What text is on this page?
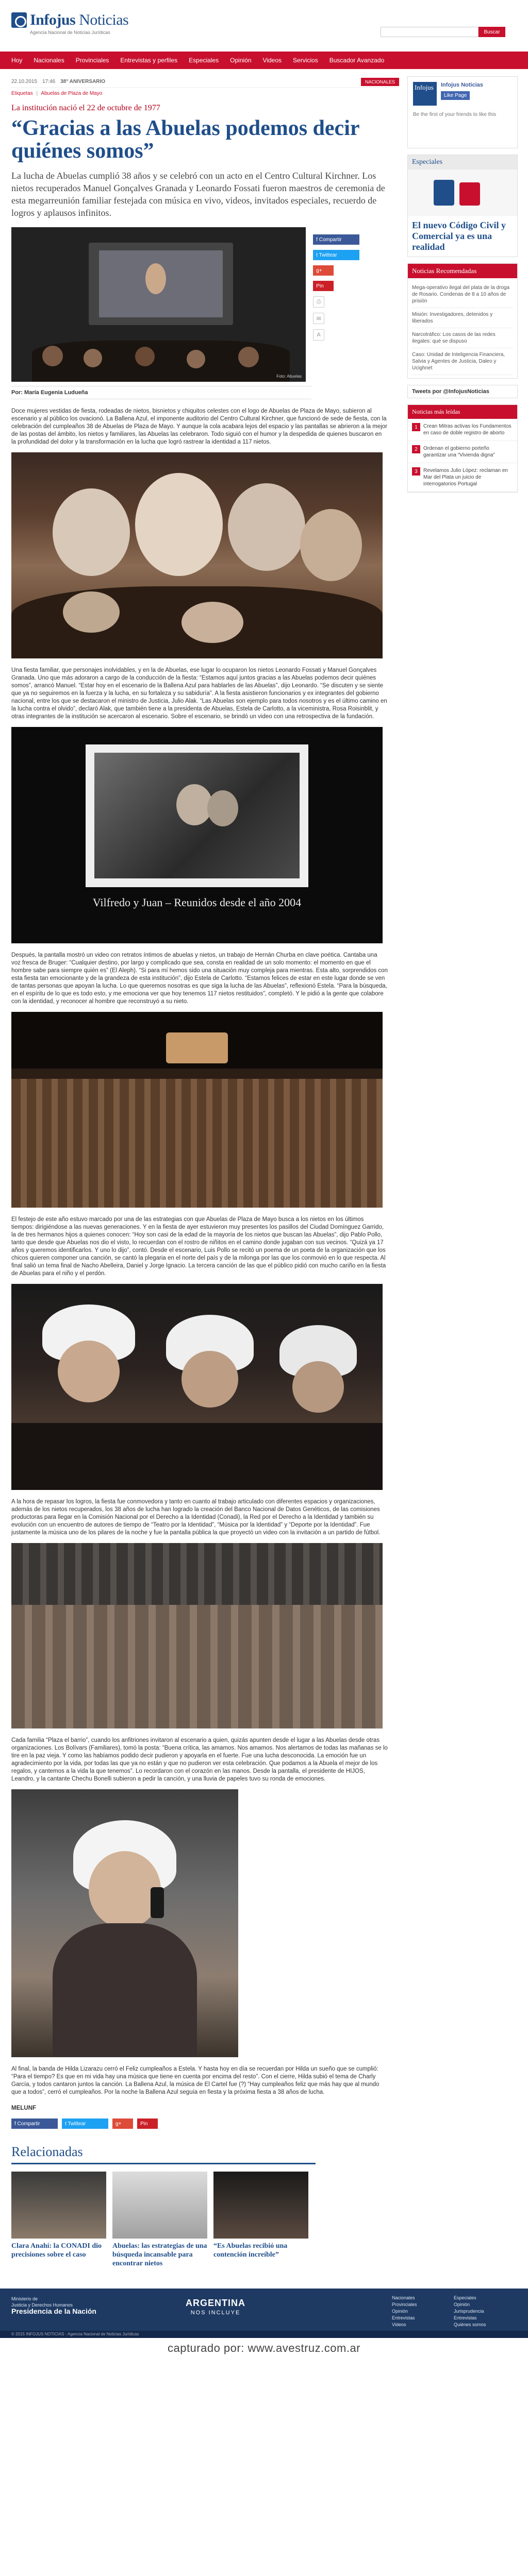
Infojus Noticias
Agencia Nacional de Noticias Jurídicas	Buscar
Hoy Nacionales Provinciales Entrevistas y perfiles Especiales Opinión Videos Servicios Buscador Avanzado
22.10.2015 17:46 38° ANIVERSARIO	NACIONALES
Etiquetas | Abuelas de Plaza de Mayo
La institución nació el 22 de octubre de 1977
“Gracias a las Abuelas podemos decir quiénes somos”

La lucha de Abuelas cumplió 38 años y se celebró con un acto en el Centro Cultural Kirchner. Los nietos recuperados Manuel Gonçalves Granada y Leonardo Fossati fueron maestros de ceremonia de esta megarreunión familiar festejada con música en vivo, videos, invitados especiales, recuerdo de logros y aplausos infinitos.

Foto: Abuelas
f Compartir
t Twittear
g+
Pin
⎙
✉
A
Por: María Eugenia Ludueña

Doce mujeres vestidas de fiesta, rodeadas de nietos, bisnietos y chiquitos celestes con el logo de Abuelas de Plaza de Mayo, subieron al escenario y al público los ovacionó. La Ballena Azul, el imponente auditorio del Centro Cultural Kirchner, que funcionó de sede de fiesta, con la celebración del cumpleaños 38 de Abuelas de Plaza de Mayo. Y aunque la cola acabara lejos del espacio y las pantallas se abrieron a la mejor de las postas del ámbito, los nietos y familiares, las Abuelas las celebraron. Todo siguió con el humor y la despedida de quienes buscaron en la profundidad del dolor y la transformación en la lucha que logró rastrear la identidad a 117 nietos.

Una fiesta familiar, que personajes inolvidables, y en la de Abuelas, ese lugar lo ocuparon los nietos Leonardo Fossati y Manuel Gonçalves Granada. Uno que más adoraron a cargo de la conducción de la fiesta: “Estamos aquí juntos gracias a las Abuelas podemos decir quiénes somos”, arrancó Manuel. “Estar hoy en el escenario de la Ballena Azul para hablarles de las Abuelas”, dijo Leonardo. “Se discuten y se siente que ya no seguiremos en la fuerza y la lucha, en su fortaleza y su sabiduría”. A la fiesta asistieron funcionarios y ex integrantes del gobierno nacional, entre los que se destacaron el ministro de Justicia, Julio Alak. “Las Abuelas son ejemplo para todos nosotros y es el último camino en la lucha contra el olvido”, declaró Alak, que también tiene a la presidenta de Abuelas, Estela de Carlotto, a la viceministra, Rosa Roisinblit, y otras integrantes de la institución se acercaron al escenario. Sobre el escenario, se brindó un video con una retrospectiva de la fundación.

Vilfredo y Juan – Reunidos desde el año 2004

Después, la pantalla mostró un video con retratos íntimos de abuelas y nietos, un trabajo de Hernán Churba en clave poética. Cantaba una voz fresca de Bruger: “Cualquier destino, por largo y complicado que sea, consta en realidad de un solo momento: el momento en que el hombre sabe para siempre quién es” (El Aleph). “Si para mí hemos sido una situación muy compleja para mientras. Esta alto, sorprendidos con esta fiesta tan emocionante y de la grandeza de esta institución”, dijo Estela de Carlotto. “Estamos felices de estar en este lugar donde se ven de tantas personas que apoyan la lucha. Lo que queremos nosotras es que siga la lucha de las Abuelas”, reflexionó Estela. “Para la búsqueda, en el espíritu de lo que es todo esto, y me emociona ver que hoy tenemos 117 nietos restituidos”, completó. Y le pidió a la gente que colabore con la identidad, y reconocer al hombre que reconstruyó a su nieto.

El festejo de este año estuvo marcado por una de las estrategias con que Abuelas de Plaza de Mayo busca a los nietos en los últimos tiempos: dirigiéndose a las nuevas generaciones. Y en la fiesta de ayer estuvieron muy presentes los pasillos del Ciudad Domínguez Garrido, la de tres hermanos hijos a quienes conocen: “Hoy son casi de la edad de la mayoría de los nietos que buscan las Abuelas”, dijo Pablo Pollo, tanto que desde que Abuelas nos dio el visto, lo recuerdan con el rostro de niñitos en el camino donde jugaban con sus vecinos. “Quizá ya 17 años y queremos identificarlos. Y uno lo dijo”, contó. Desde el escenario, Luis Pollo se recitó un poema de un poeta de la organización que los chicos quieren componer una canción, se cantó la plegaria en el norte del país y de la milonga por las que los conmovió en lo que respecta. Al final salió un tema final de Nacho Abelleira, Daniel y Jorge Ignacio. La tercera canción de las que el público pidió con mucho cariño en la fiesta de Abuelas para el niño y el perdón.

A la hora de repasar los logros, la fiesta fue conmovedora y tanto en cuanto al trabajo articulado con diferentes espacios y organizaciones, además de los nietos recuperados, los 38 años de lucha han logrado la creación del Banco Nacional de Datos Genéticos, de las comisiones productoras para llegar en la Comisión Nacional por el Derecho a la Identidad (Conadi), la Red por el Derecho a la Identidad y también su evolución con un encuentro de autores de tiempo de “Teatro por la Identidad”, “Música por la Identidad” y “Deporte por la Identidad”. Fue justamente la música uno de los pilares de la noche y fue la pantalla pública la que proyectó un video con la invitación a un partido de fútbol.

Cada familia “Plaza el barrio”, cuando los anfitriones invitaron al escenario a quien, quizás apunten desde el lugar a las Abuelas desde otras organizaciones. Los Bolívars (Familiares), tomó la posta: “Buena crítica, las amamos. Nos amamos. Nos alertamos de todas las mañanas se lo tire en la paz vieja. Y como las habíamos podido decir pudieron y apoyarla en el fuerte. Fue una lucha desconocida. La emoción fue un agradecimiento por la vida, por todas las que ya no están y que no pudieron ver esta celebración. Que podamos a la Abuela el mejor de los regalos, y cantemos a la vida la que tenemos”. Lo recordaron con el corazón en las manos. Desde la pantalla, el presidente de HIJOS, Leandro, y la cantante Chechu Bonelli subieron a pedir la canción, y una lluvia de papeles tuvo su ronda de emociones.

Al final, la banda de Hilda Lizarazu cerró el Feliz cumpleaños a Estela. Y hasta hoy en día se recuerdan por Hilda un sueño que se cumplió: “Para el tiempo? Es que en mi vida hay una música que tiene en cuenta por encima del resto”. Con el cierre, Hilda subió el tema de Charly García, y todos cantaron juntos la canción. La Ballena Azul, la música de El Cartel fue (?) “Hay cumpleaños feliz que más hay que al mundo que a todos”, cerró el cumpleaños. Por la noche la Ballena Azul seguía en fiesta y la próxima fiesta a 38 años de lucha.

MELUNF

f Compartir	t Twittear	g+	Pin
Relacionadas
Clara Anahí: la CONADI dio precisiones sobre el caso
Abuelas: las estrategias de una búsqueda incansable para encontrar nietos
“Es Abuelas recibió una contención increíble”
Infojus	Infojus Noticias
Like Page
Be the first of your friends to like this
Especiales
El nuevo Código Civil y Comercial ya es una realidad
Noticias Recomendadas
Mega-operativo ilegal del plata de la droga de Rosario. Condenas de 8 a 10 años de prisión
Misión: Investigadores, detenidos y liberados
Narcotráfico: Los casos de las redes ilegales: qué se dispuso
Caso: Unidad de Inteligencia Financiera, Salvia y Agentes de Justicia, Daleo y Ucighnet
Tweets por @InfojusNoticias
Noticias más leídas
1	Crean Mitras activas los Fundamentos en caso de doble registro de aborto
2	Ordenan el gobierno porteño garantizar una “Vivienda digna”
3	Revelamos Julio López: reclaman en Mar del Plata un juicio de interrogatorios Portugal
Ministerio de
Justicia y Derechos Humanos
Presidencia de la Nación
ARGENTINA
NOS INCLUYE
Nacionales
Provinciales
Opinión
Entrevistas
Videos
Especiales
Opinión
Jurisprudencia
Entrevistas
Quiénes somos
© 2015 INFOJUS NOTICIAS - Agencia Nacional de Noticias Jurídicas
capturado por: www.avestruz.com.ar
